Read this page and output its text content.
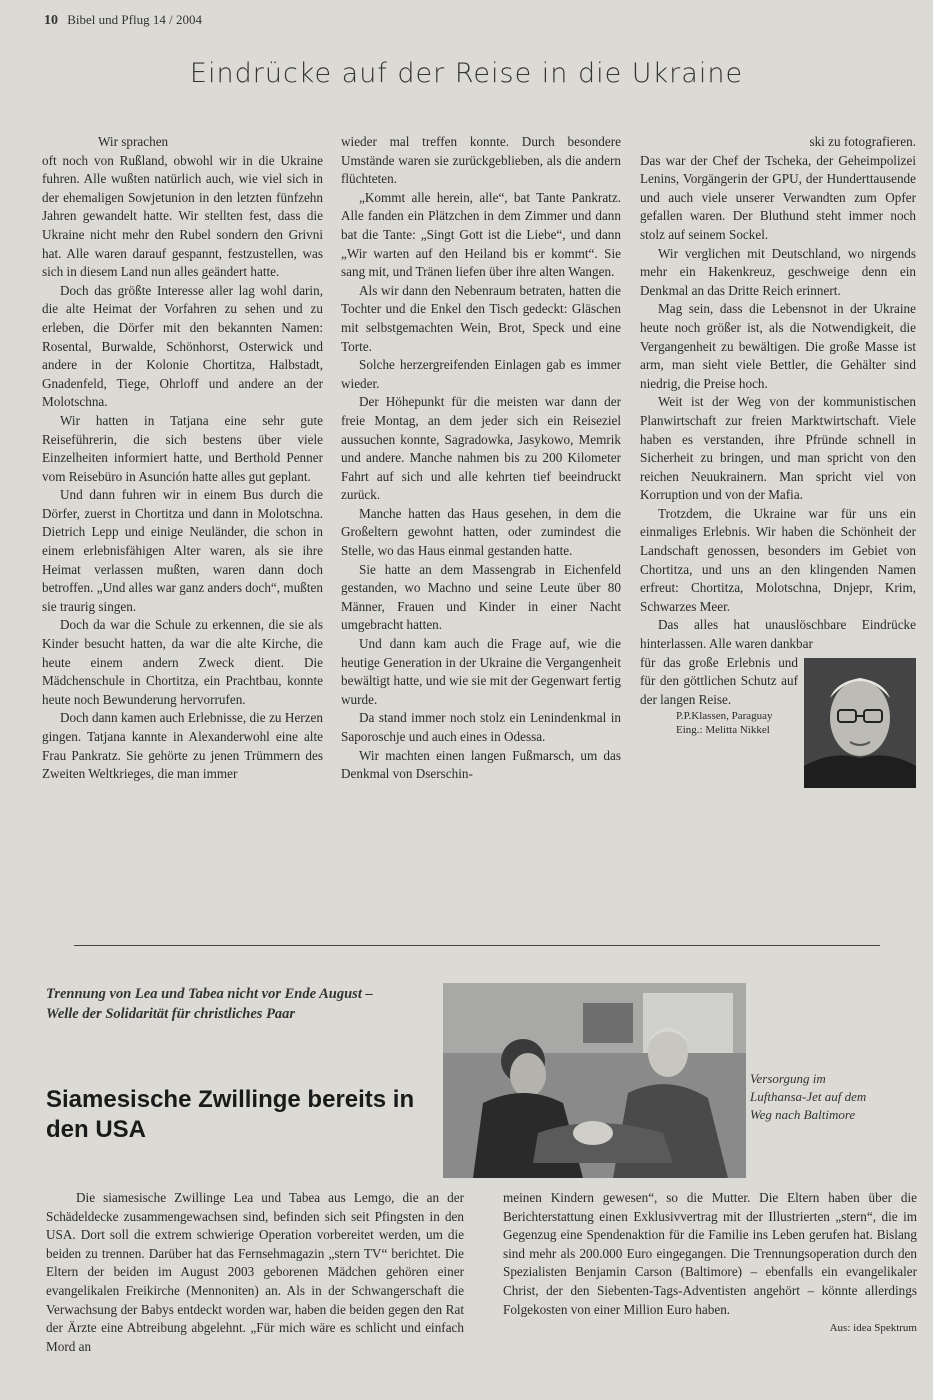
10 Bibel und Pflug 14 / 2004
Eindrücke auf der Reise in die Ukraine

Wir sprachen

oft noch von Rußland, obwohl wir in die Ukraine fuhren. Alle wußten natürlich auch, wie viel sich in der ehemaligen Sowjetunion in den letzten fünfzehn Jahren gewandelt hatte. Wir stellten fest, dass die Ukraine nicht mehr den Rubel sondern den Grivni hat. Alle waren darauf gespannt, festzustellen, was sich in diesem Land nun alles geändert hatte.

Doch das größte Interesse aller lag wohl darin, die alte Heimat der Vorfahren zu sehen und zu erleben, die Dörfer mit den bekannten Namen: Rosental, Burwalde, Schönhorst, Osterwick und andere in der Kolonie Chortitza, Halbstadt, Gnadenfeld, Tiege, Ohrloff und andere an der Molotschna.

Wir hatten in Tatjana eine sehr gute Reiseführerin, die sich bestens über viele Einzelheiten informiert hatte, und Berthold Penner vom Reisebüro in Asunción hatte alles gut geplant.

Und dann fuhren wir in einem Bus durch die Dörfer, zuerst in Chortitza und dann in Molotschna. Dietrich Lepp und einige Neuländer, die schon in einem erlebnisfähigen Alter waren, als sie ihre Heimat verlassen mußten, waren dann doch betroffen. „Und alles war ganz anders doch“, mußten sie traurig singen.

Doch da war die Schule zu erkennen, die sie als Kinder besucht hatten, da war die alte Kirche, die heute einem andern Zweck dient. Die Mädchenschule in Chortitza, ein Prachtbau, konnte heute noch Bewunderung hervorrufen.

Doch dann kamen auch Erlebnisse, die zu Herzen gingen. Tatjana kannte in Alexanderwohl eine alte Frau Pankratz. Sie gehörte zu jenen Trümmern des Zweiten Weltkrieges, die man immer

wieder mal treffen konnte. Durch besondere Umstände waren sie zurückgeblieben, als die andern flüchteten.

„Kommt alle herein, alle“, bat Tante Pankratz. Alle fanden ein Plätzchen in dem Zimmer und dann bat die Tante: „Singt Gott ist die Liebe“, und dann „Wir warten auf den Heiland bis er kommt“. Sie sang mit, und Tränen liefen über ihre alten Wangen.

Als wir dann den Nebenraum betraten, hatten die Tochter und die Enkel den Tisch gedeckt: Gläschen mit selbstgemachten Wein, Brot, Speck und eine Torte.

Solche herzergreifenden Einlagen gab es immer wieder.

Der Höhepunkt für die meisten war dann der freie Montag, an dem jeder sich ein Reiseziel aussuchen konnte, Sagradowka, Jasykowo, Memrik und andere. Manche nahmen bis zu 200 Kilometer Fahrt auf sich und alle kehrten tief beeindruckt zurück.

Manche hatten das Haus gesehen, in dem die Großeltern gewohnt hatten, oder zumindest die Stelle, wo das Haus einmal gestanden hatte.

Sie hatte an dem Massengrab in Eichenfeld gestanden, wo Machno und seine Leute über 80 Männer, Frauen und Kinder in einer Nacht umgebracht hatten.

Und dann kam auch die Frage auf, wie die heutige Generation in der Ukraine die Vergangenheit bewältigt hatte, und wie sie mit der Gegenwart fertig wurde.

Da stand immer noch stolz ein Lenindenkmal in Saporoschje und auch eines in Odessa.

Wir machten einen langen Fußmarsch, um das Denkmal von Dserschin-

ski zu fotografieren.

Das war der Chef der Tscheka, der Geheimpolizei Lenins, Vorgängerin der GPU, der Hunderttausende und auch viele unserer Verwandten zum Opfer gefallen waren. Der Bluthund steht immer noch stolz auf seinem Sockel.

Wir verglichen mit Deutschland, wo nirgends mehr ein Hakenkreuz, geschweige denn ein Denkmal an das Dritte Reich erinnert.

Mag sein, dass die Lebensnot in der Ukraine heute noch größer ist, als die Notwendigkeit, die Vergangenheit zu bewältigen. Die große Masse ist arm, man sieht viele Bettler, die Gehälter sind niedrig, die Preise hoch.

Weit ist der Weg von der kommunistischen Planwirtschaft zur freien Marktwirtschaft. Viele haben es verstanden, ihre Pfründe schnell in Sicherheit zu bringen, und man spricht von den reichen Neuukrainern. Man spricht viel von Korruption und von der Mafia.

Trotzdem, die Ukraine war für uns ein einmaliges Erlebnis. Wir haben die Schönheit der Landschaft genossen, besonders im Gebiet von Chortitza, und uns an den klingenden Namen erfreut: Chortitza, Molotschna, Dnjepr, Krim, Schwarzes Meer.

Das alles hat unauslöschbare Eindrücke hinterlassen. Alle waren dankbar

für das große Erlebnis und für den göttlichen Schutz auf der langen Reise.

P.P.Klassen, Paraguay
Eing.: Melitta Nikkel
Trennung von Lea und Tabea nicht vor Ende August – Welle der Solidarität für christliches Paar
Siamesische Zwillinge bereits in den USA
Versorgung im Lufthansa-Jet auf dem Weg nach Baltimore

Die siamesische Zwillinge Lea und Tabea aus Lemgo, die an der Schädeldecke zusammengewachsen sind, befinden sich seit Pfingsten in den USA. Dort soll die extrem schwierige Operation vorbereitet werden, um die beiden zu trennen. Darüber hat das Fernsehmagazin „stern TV“ berichtet. Die Eltern der beiden im August 2003 geborenen Mädchen gehören einer evangelikalen Freikirche (Mennoniten) an. Als in der Schwangerschaft die Verwachsung der Babys entdeckt worden war, haben die beiden gegen den Rat der Ärzte eine Abtreibung abgelehnt. „Für mich wäre es schlicht und einfach Mord an

meinen Kindern gewesen“, so die Mutter. Die Eltern haben über die Berichterstattung einen Exklusivvertrag mit der Illustrierten „stern“, die im Gegenzug eine Spendenaktion für die Familie ins Leben gerufen hat. Bislang sind mehr als 200.000 Euro eingegangen. Die Trennungsoperation durch den Spezialisten Benjamin Carson (Baltimore) – ebenfalls ein evangelikaler Christ, der den Siebenten-Tags-Adventisten angehört – könnte allerdings Folgekosten von einer Million Euro haben.

Aus: idea Spektrum
